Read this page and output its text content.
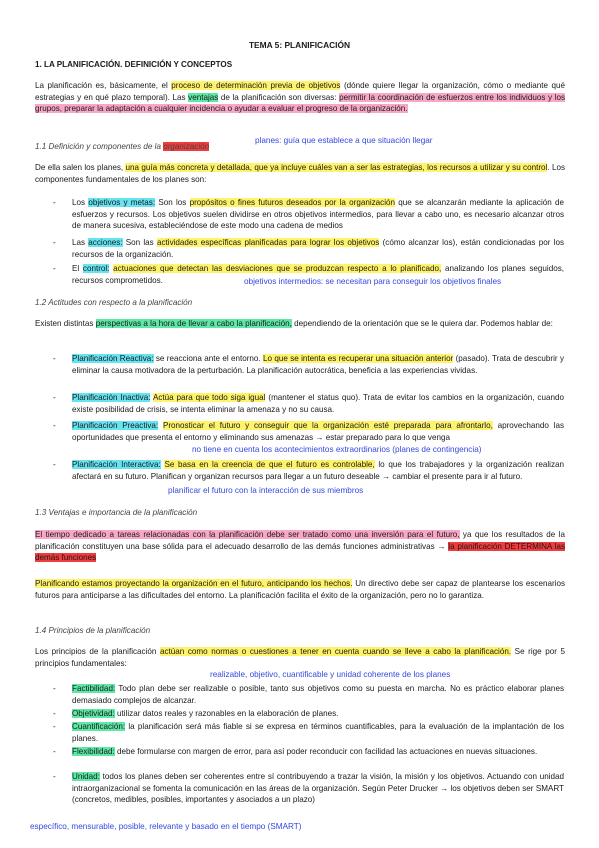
TEMA 5: PLANIFICACIÓN
1. LA PLANIFICACIÓN. DEFINICIÓN Y CONCEPTOS
La planificación es, básicamente, el proceso de determinación previa de objetivos (dónde quiere llegar la organización, cómo o mediante qué estrategias y en qué plazo temporal). Las ventajas de la planificación son diversas: permitir la coordinación de esfuerzos entre los individuos y los grupos, preparar la adaptación a cualquier incidencia o ayudar a evaluar el progreso de la organización.
1.1 Definición y componentes de la organización
planes: guía que establece a que situación llegar
De ella salen los planes, una guía más concreta y detallada, que ya incluye cuáles van a ser las estrategias, los recursos a utilizar y su control. Los componentes fundamentales de los planes son:
- Los objetivos y metas: Son los propósitos o fines futuros deseados por la organización que se alcanzarán mediante la aplicación de esfuerzos y recursos. Los objetivos suelen dividirse en otros objetivos intermedios, para llevar a cabo uno, es necesario alcanzar otros de manera sucesiva, estableciéndose de este modo una cadena de medios
- Las acciones: Son las actividades específicas planificadas para lograr los objetivos (cómo alcanzar los), están condicionadas por los recursos de la organización.
- El control: actuaciones que detectan las desviaciones que se produzcan respecto a lo planificado, analizando los planes seguidos, recursos comprometidos.	objetivos intermedios: se necesitan para conseguir los objetivos finales
1.2 Actitudes con respecto a la planificación
Existen distintas perspectivas a la hora de llevar a cabo la planificación, dependiendo de la orientación que se le quiera dar. Podemos hablar de:
- Planificación Reactiva: se reacciona ante el entorno. Lo que se intenta es recuperar una situación anterior (pasado). Trata de descubrir y eliminar la causa motivadora de la perturbación. La planificación autocrática, beneficia a las experiencias vividas.
- Planificación Inactiva: Actúa para que todo siga igual (mantener el status quo). Trata de evitar los cambios en la organización, cuando existe posibilidad de crisis, se intenta eliminar la amenaza y no su causa.
- Planificación Preactiva: Pronosticar el futuro y conseguir que la organización esté preparada para afrontarlo, aprovechando las oportunidades que presenta el entorno y eliminando sus amenazas → estar preparado para lo que venga
no tiene en cuenta los acontecimientos extraordinarios (planes de contingencia)
- Planificación Interactiva: Se basa en la creencia de que el futuro es controlable, lo que los trabajadores y la organización realizan afectará en su futuro. Planifican y organizan recursos para llegar a un futuro deseable → cambiar el presente para ir al futuro.
planificar el futuro con la interacción de sus miembros
1.3 Ventajas e importancia de la planificación
El tiempo dedicado a tareas relacionadas con la planificación debe ser tratado como una inversión para el futuro, ya que los resultados de la planificación constituyen una base sólida para el adecuado desarrollo de las demás funciones administrativas → la planificación DETERMINA las demás funciones
Planificando estamos proyectando la organización en el futuro, anticipando los hechos. Un directivo debe ser capaz de plantearse los escenarios futuros para anticiparse a las dificultades del entorno. La planificación facilita el éxito de la organización, pero no lo garantiza.
1.4 Principios de la planificación
Los principios de la planificación actúan como normas o cuestiones a tener en cuenta cuando se lleve a cabo la planificación. Se rige por 5 principios fundamentales:
realizable, objetivo, cuantificable y unidad coherente de los planes
- Factibilidad: Todo plan debe ser realizable o posible, tanto sus objetivos como su puesta en marcha. No es práctico elaborar planes demasiado complejos de alcanzar.
- Objetividad: utilizar datos reales y razonables en la elaboración de planes.
- Cuantificación: la planificación será más fiable si se expresa en términos cuantificables, para la evaluación de la implantación de los planes.
- Flexibilidad: debe formularse con margen de error, para así poder reconducir con facilidad las actuaciones en nuevas situaciones.
- Unidad: todos los planes deben ser coherentes entre sí contribuyendo a trazar la visión, la misión y los objetivos. Actuando con unidad intraorganizacional se fomenta la comunicación en las áreas de la organización. Según Peter Drucker → los objetivos deben ser SMART (concretos, medibles, posibles, importantes y asociados a un plazo)
específico, mensurable, posible, relevante y basado en el tiempo (SMART)
